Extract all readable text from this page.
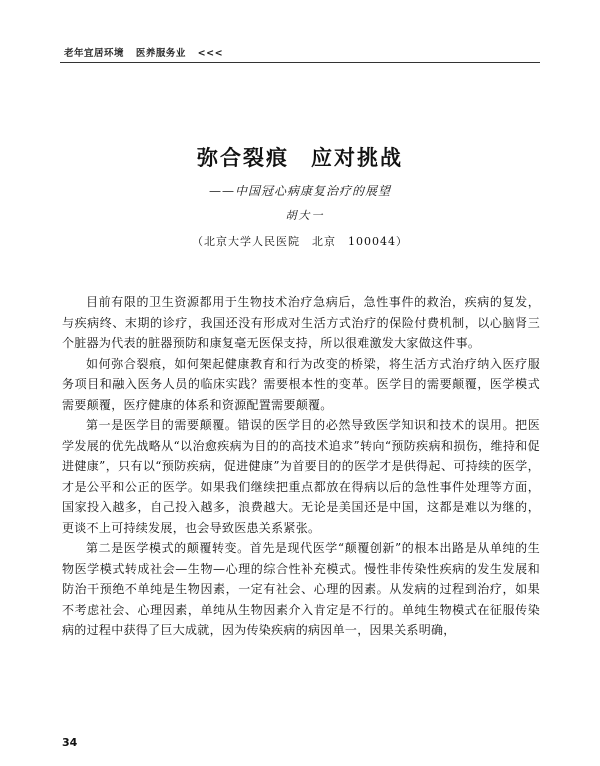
老年宜居环境 医养服务业 <<<
弥合裂痕 应对挑战
——中国冠心病康复治疗的展望
胡大一
（北京大学人民医院　北京　100044）

目前有限的卫生资源都用于生物技术治疗急病后，急性事件的救治，疾病的复发，与疾病终、末期的诊疗，我国还没有形成对生活方式治疗的保险付费机制，以心脑肾三个脏器为代表的脏器预防和康复毫无医保支持，所以很难激发大家做这件事。

如何弥合裂痕，如何架起健康教育和行为改变的桥梁，将生活方式治疗纳入医疗服务项目和融入医务人员的临床实践？需要根本性的变革。医学目的需要颠覆，医学模式需要颠覆，医疗健康的体系和资源配置需要颠覆。

第一是医学目的需要颠覆。错误的医学目的必然导致医学知识和技术的误用。把医学发展的优先战略从“以治愈疾病为目的的高技术追求”转向“预防疾病和损伤，维持和促进健康”，只有以“预防疾病，促进健康”为首要目的的医学才是供得起、可持续的医学，才是公平和公正的医学。如果我们继续把重点都放在得病以后的急性事件处理等方面，国家投入越多，自己投入越多，浪费越大。无论是美国还是中国，这都是难以为继的，更谈不上可持续发展，也会导致医患关系紧张。

第二是医学模式的颠覆转变。首先是现代医学“颠覆创新”的根本出路是从单纯的生物医学模式转成社会—生物—心理的综合性补充模式。慢性非传染性疾病的发生发展和防治干预绝不单纯是生物因素，一定有社会、心理的因素。从发病的过程到治疗，如果不考虑社会、心理因素，单纯从生物因素介入肯定是不行的。单纯生物模式在征服传染病的过程中获得了巨大成就，因为传染疾病的病因单一，因果关系明确，

34
